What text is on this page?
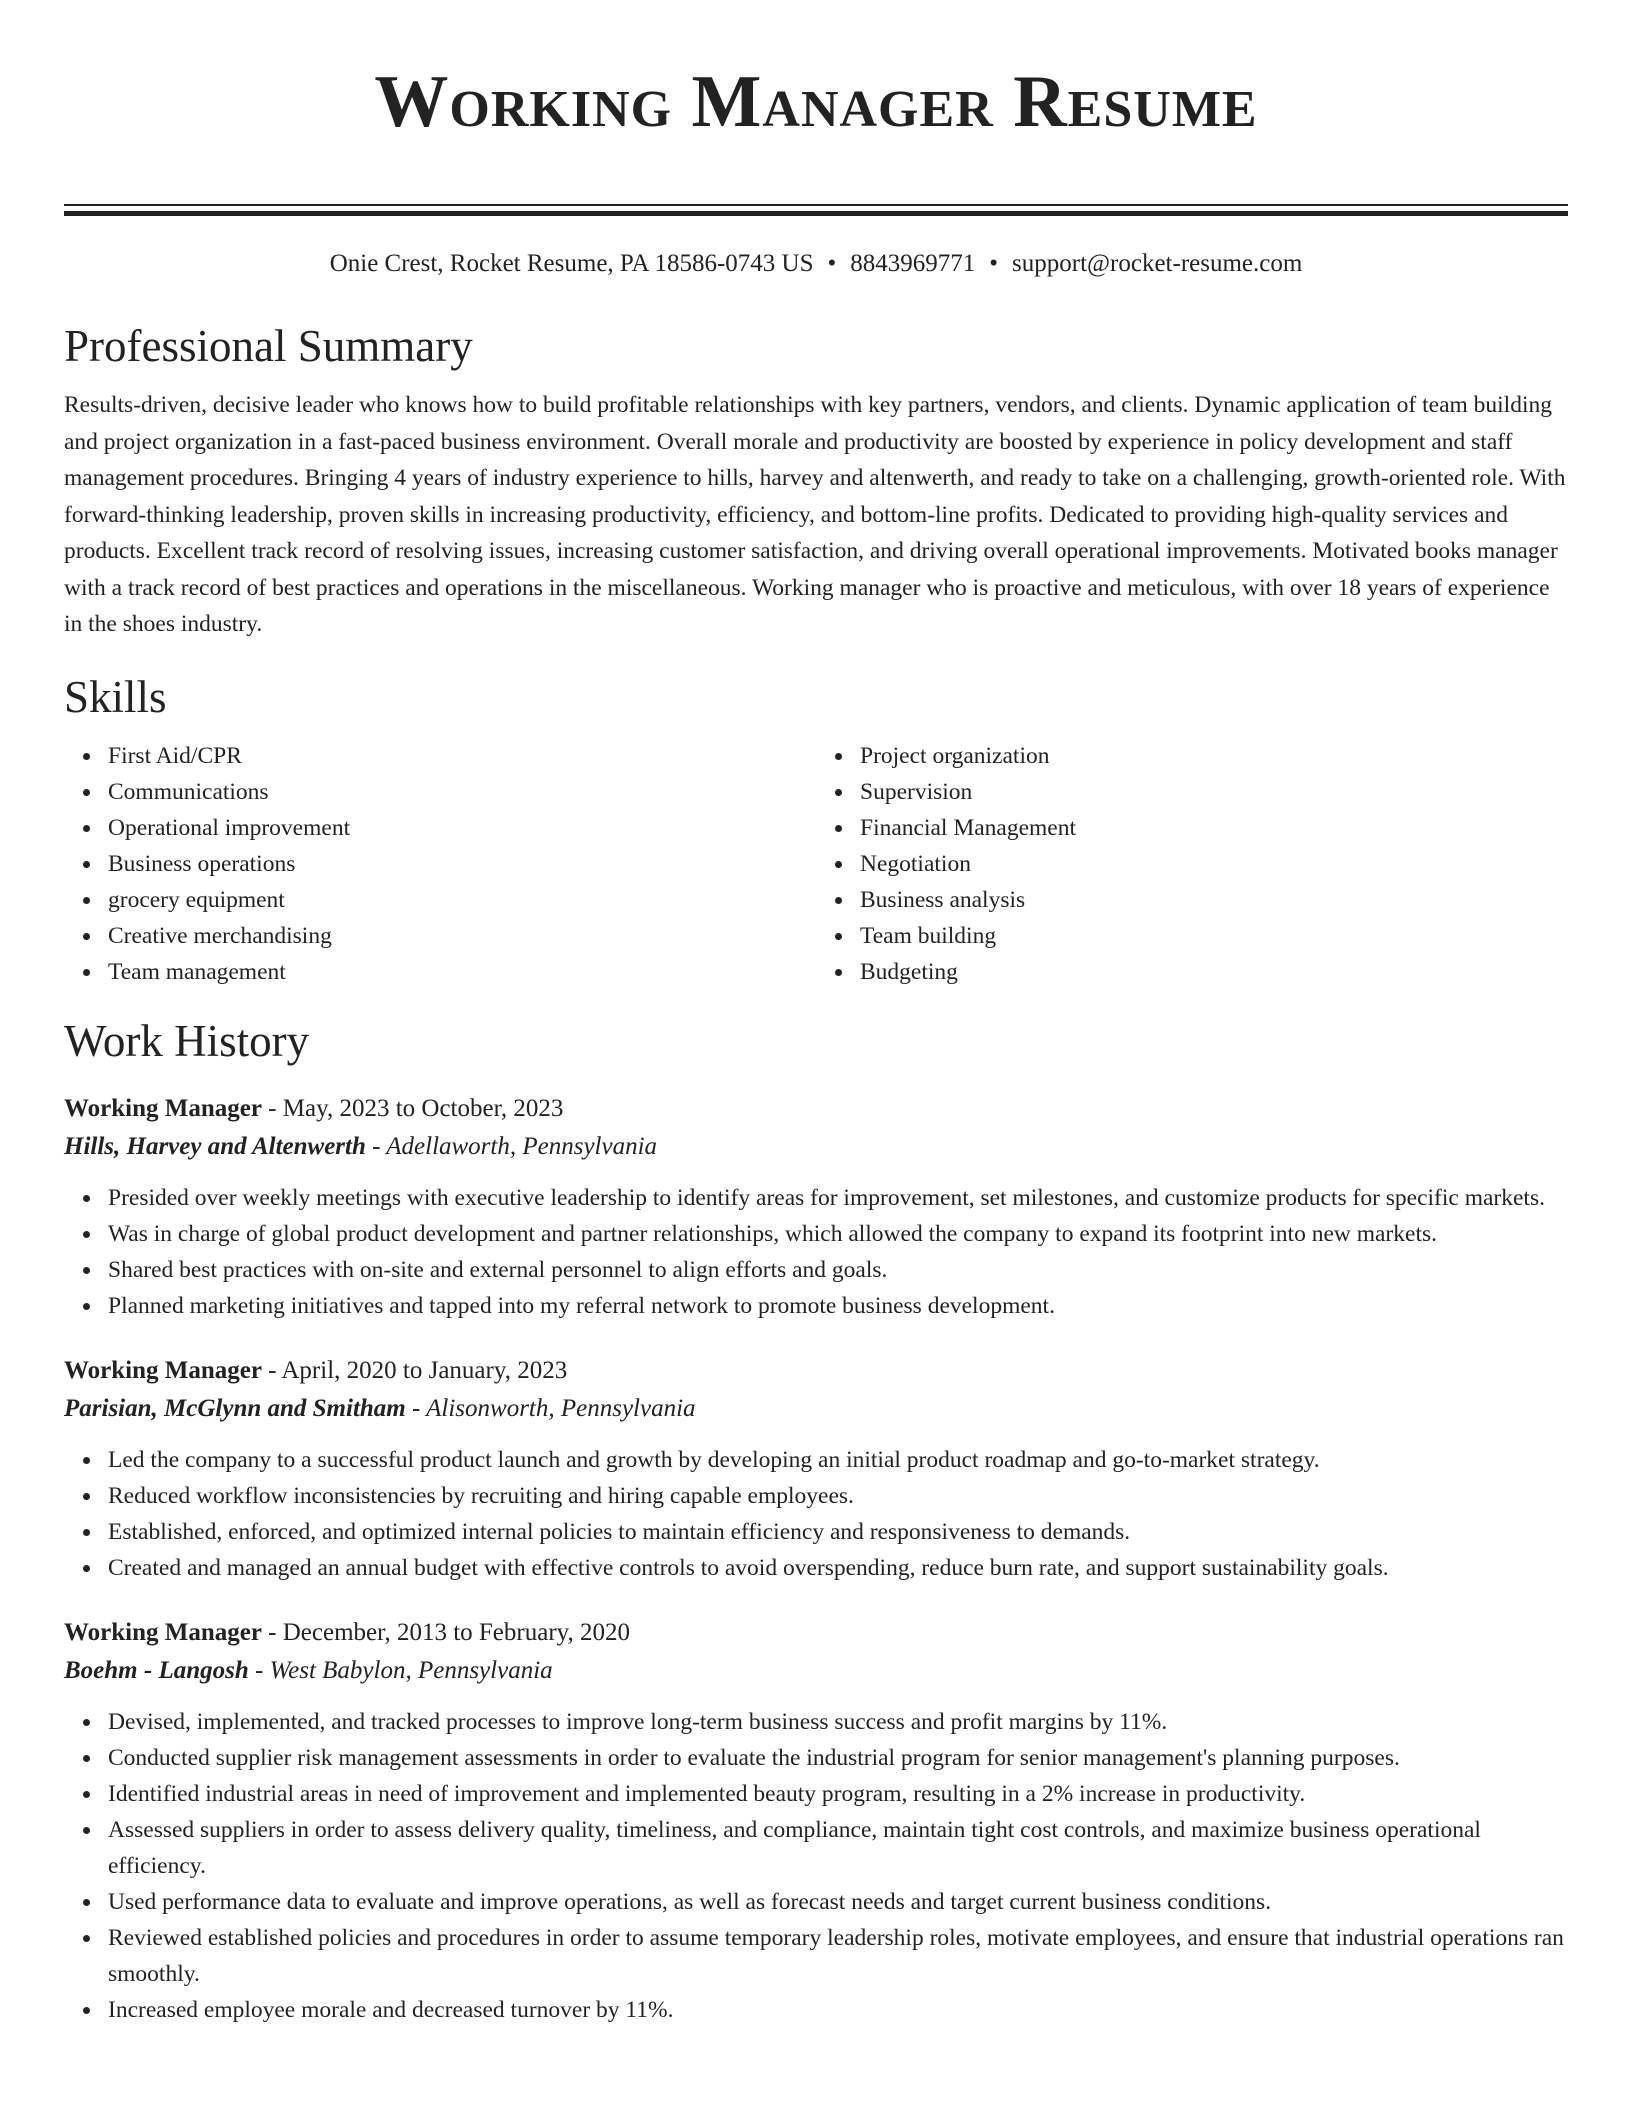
Working Manager Resume
Onie Crest, Rocket Resume, PA 18586-0743 US • 8843969771 • support@rocket-resume.com
Professional Summary

Results-driven, decisive leader who knows how to build profitable relationships with key partners, vendors, and clients. Dynamic application of team building and project organization in a fast-paced business environment. Overall morale and productivity are boosted by experience in policy development and staff management procedures. Bringing 4 years of industry experience to hills, harvey and altenwerth, and ready to take on a challenging, growth-oriented role. With forward-thinking leadership, proven skills in increasing productivity, efficiency, and bottom-line profits. Dedicated to providing high-quality services and products. Excellent track record of resolving issues, increasing customer satisfaction, and driving overall operational improvements. Motivated books manager with a track record of best practices and operations in the miscellaneous. Working manager who is proactive and meticulous, with over 18 years of experience in the shoes industry.

Skills
First Aid/CPR
Communications
Operational improvement
Business operations
grocery equipment
Creative merchandising
Team management
Project organization
Supervision
Financial Management
Negotiation
Business analysis
Team building
Budgeting
Work History
Working Manager - May, 2023 to October, 2023
Hills, Harvey and Altenwerth - Adellaworth, Pennsylvania
Presided over weekly meetings with executive leadership to identify areas for improvement, set milestones, and customize products for specific markets.
Was in charge of global product development and partner relationships, which allowed the company to expand its footprint into new markets.
Shared best practices with on-site and external personnel to align efforts and goals.
Planned marketing initiatives and tapped into my referral network to promote business development.
Working Manager - April, 2020 to January, 2023
Parisian, McGlynn and Smitham - Alisonworth, Pennsylvania
Led the company to a successful product launch and growth by developing an initial product roadmap and go-to-market strategy.
Reduced workflow inconsistencies by recruiting and hiring capable employees.
Established, enforced, and optimized internal policies to maintain efficiency and responsiveness to demands.
Created and managed an annual budget with effective controls to avoid overspending, reduce burn rate, and support sustainability goals.
Working Manager - December, 2013 to February, 2020
Boehm - Langosh - West Babylon, Pennsylvania
Devised, implemented, and tracked processes to improve long-term business success and profit margins by 11%.
Conducted supplier risk management assessments in order to evaluate the industrial program for senior management's planning purposes.
Identified industrial areas in need of improvement and implemented beauty program, resulting in a 2% increase in productivity.
Assessed suppliers in order to assess delivery quality, timeliness, and compliance, maintain tight cost controls, and maximize business operational efficiency.
Used performance data to evaluate and improve operations, as well as forecast needs and target current business conditions.
Reviewed established policies and procedures in order to assume temporary leadership roles, motivate employees, and ensure that industrial operations ran smoothly.
Increased employee morale and decreased turnover by 11%.
